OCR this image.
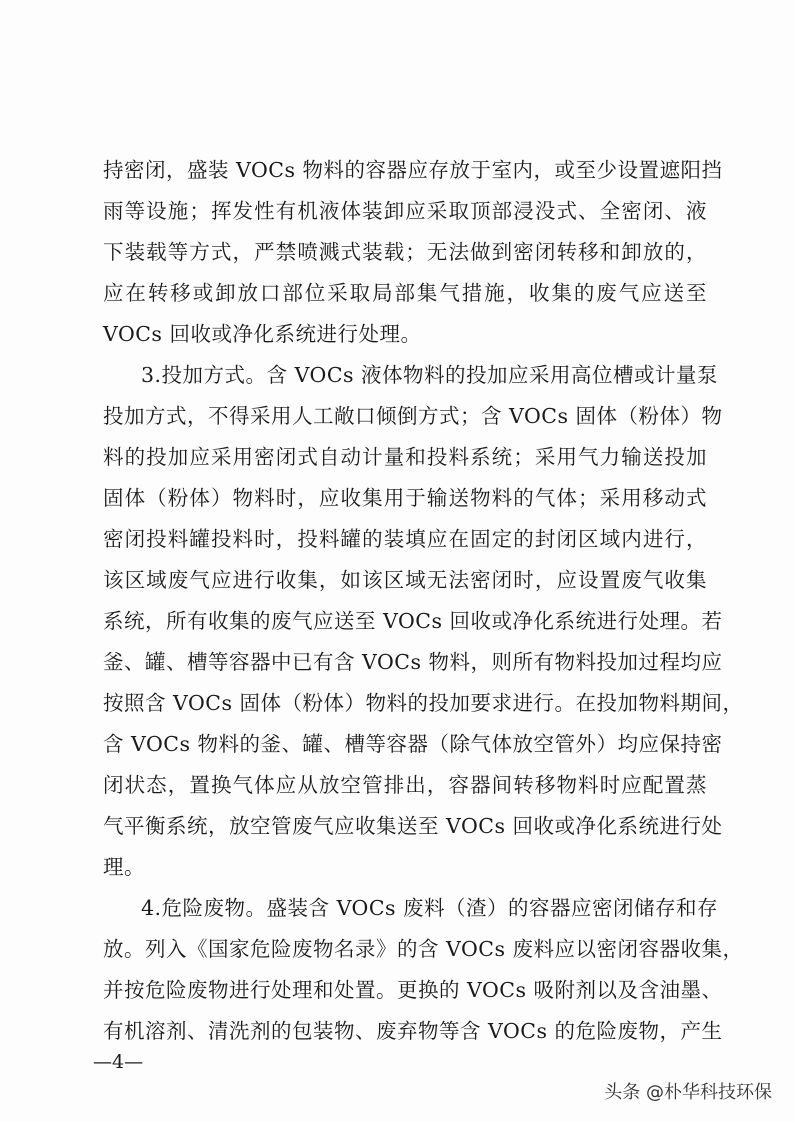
持密闭，盛装 VOCs 物料的容器应存放于室内，或至少设置遮阳挡
雨等设施；挥发性有机液体装卸应采取顶部浸没式、全密闭、液
下装载等方式，严禁喷溅式装载；无法做到密闭转移和卸放的，
应在转移或卸放口部位采取局部集气措施，收集的废气应送至
VOCs 回收或净化系统进行处理。
3.投加方式。含 VOCs 液体物料的投加应采用高位槽或计量泵
投加方式，不得采用人工敞口倾倒方式；含 VOCs 固体（粉体）物
料的投加应采用密闭式自动计量和投料系统；采用气力输送投加
固体（粉体）物料时，应收集用于输送物料的气体；采用移动式
密闭投料罐投料时，投料罐的装填应在固定的封闭区域内进行，
该区域废气应进行收集，如该区域无法密闭时，应设置废气收集
系统，所有收集的废气应送至 VOCs 回收或净化系统进行处理。若
釜、罐、槽等容器中已有含 VOCs 物料，则所有物料投加过程均应
按照含 VOCs 固体（粉体）物料的投加要求进行。在投加物料期间，
含 VOCs 物料的釜、罐、槽等容器（除气体放空管外）均应保持密
闭状态，置换气体应从放空管排出，容器间转移物料时应配置蒸
气平衡系统，放空管废气应收集送至 VOCs 回收或净化系统进行处
理。
4.危险废物。盛装含 VOCs 废料（渣）的容器应密闭储存和存
放。列入《国家危险废物名录》的含 VOCs 废料应以密闭容器收集，
并按危险废物进行处理和处置。更换的 VOCs 吸附剂以及含油墨、
有机溶剂、清洗剂的包装物、废弃物等含 VOCs 的危险废物，产生
—4—
头条 @朴华科技环保
